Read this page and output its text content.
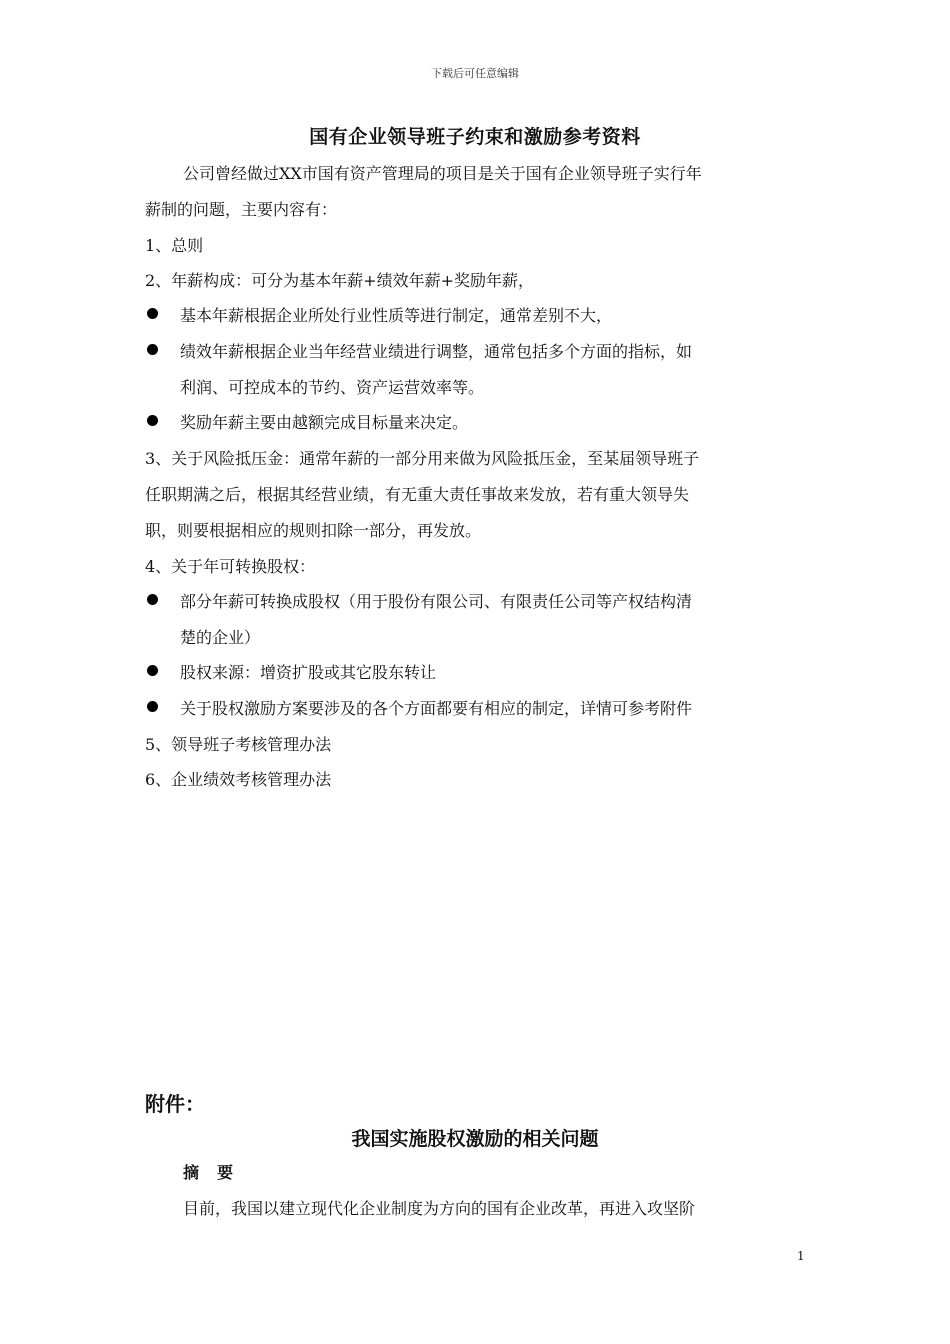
下载后可任意编辑
国有企业领导班子约束和激励参考资料
公司曾经做过XX市国有资产管理局的项目是关于国有企业领导班子实行年
薪制的问题，主要内容有：
1、总则
2、年薪构成：可分为基本年薪+绩效年薪+奖励年薪，
基本年薪根据企业所处行业性质等进行制定，通常差别不大，
绩效年薪根据企业当年经营业绩进行调整，通常包括多个方面的指标，如
利润、可控成本的节约、资产运营效率等。
奖励年薪主要由越额完成目标量来决定。
3、关于风险抵压金：通常年薪的一部分用来做为风险抵压金，至某届领导班子
任职期满之后，根据其经营业绩，有无重大责任事故来发放，若有重大领导失
职，则要根据相应的规则扣除一部分，再发放。
4、关于年可转换股权：
部分年薪可转换成股权（用于股份有限公司、有限责任公司等产权结构清
楚的企业）
股权来源：增资扩股或其它股东转让
关于股权激励方案要涉及的各个方面都要有相应的制定，详情可参考附件
5、领导班子考核管理办法
6、企业绩效考核管理办法
附件：
我国实施股权激励的相关问题
摘要
目前，我国以建立现代化企业制度为方向的国有企业改革，再进入攻坚阶
1
